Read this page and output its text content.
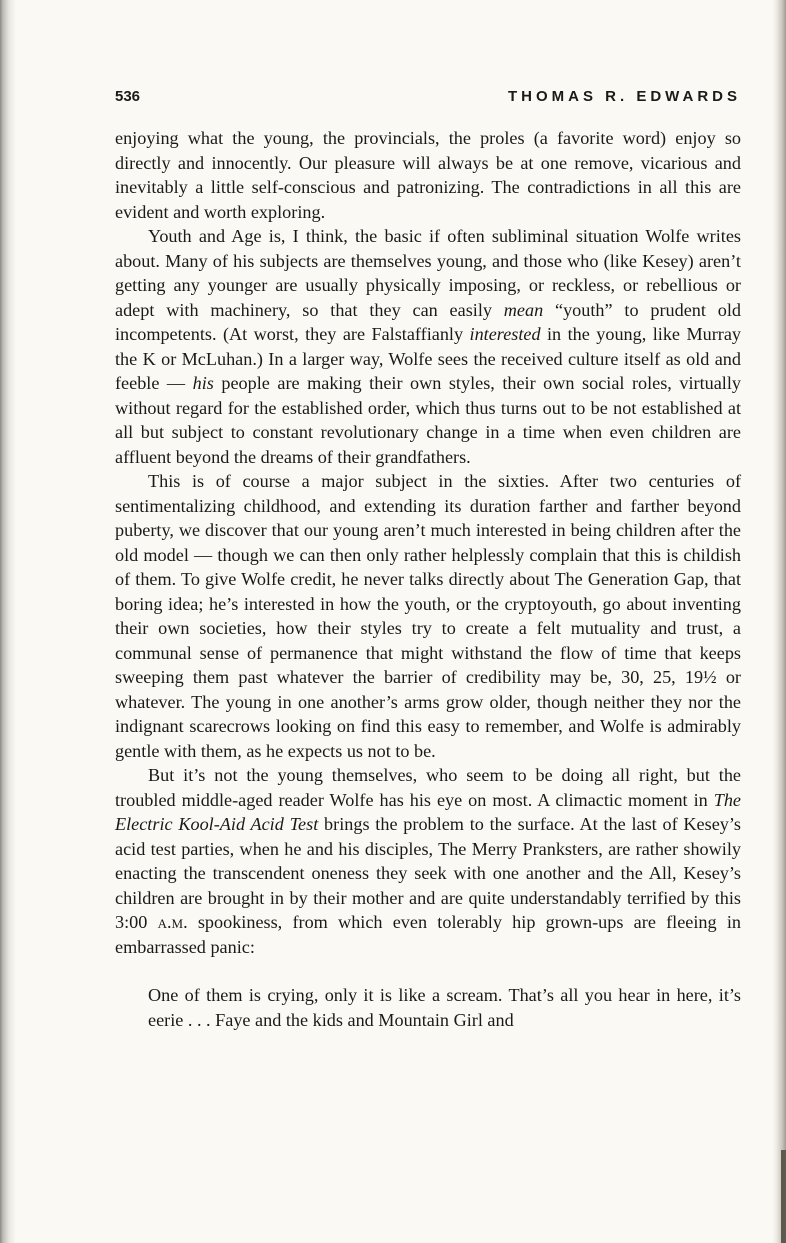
536	THOMAS R. EDWARDS

enjoying what the young, the provincials, the proles (a favorite word) enjoy so directly and innocently. Our pleasure will always be at one remove, vicarious and inevitably a little self-conscious and patronizing. The contradictions in all this are evident and worth exploring.

Youth and Age is, I think, the basic if often subliminal situation Wolfe writes about. Many of his subjects are themselves young, and those who (like Kesey) aren’t getting any younger are usually physically imposing, or reckless, or rebellious or adept with machinery, so that they can easily mean “youth” to prudent old incompetents. (At worst, they are Falstaffianly interested in the young, like Murray the K or McLuhan.) In a larger way, Wolfe sees the received culture itself as old and feeble — his people are making their own styles, their own social roles, virtually without regard for the established order, which thus turns out to be not established at all but subject to constant revolutionary change in a time when even children are affluent beyond the dreams of their grandfathers.

This is of course a major subject in the sixties. After two centuries of sentimentalizing childhood, and extending its duration farther and farther beyond puberty, we discover that our young aren’t much interested in being children after the old model — though we can then only rather helplessly complain that this is childish of them. To give Wolfe credit, he never talks directly about The Generation Gap, that boring idea; he’s interested in how the youth, or the cryptoyouth, go about inventing their own societies, how their styles try to create a felt mutuality and trust, a communal sense of permanence that might withstand the flow of time that keeps sweeping them past whatever the barrier of credibility may be, 30, 25, 19½ or whatever. The young in one another’s arms grow older, though neither they nor the indignant scarecrows looking on find this easy to remember, and Wolfe is admirably gentle with them, as he expects us not to be.

But it’s not the young themselves, who seem to be doing all right, but the troubled middle-aged reader Wolfe has his eye on most. A climactic moment in The Electric Kool-Aid Acid Test brings the problem to the surface. At the last of Kesey’s acid test parties, when he and his disciples, The Merry Pranksters, are rather showily enacting the transcendent oneness they seek with one another and the All, Kesey’s children are brought in by their mother and are quite understandably terrified by this 3:00 a.m. spookiness, from which even tolerably hip grown-ups are fleeing in embarrassed panic:

One of them is crying, only it is like a scream. That’s all you hear in here, it’s eerie . . . Faye and the kids and Mountain Girl and
